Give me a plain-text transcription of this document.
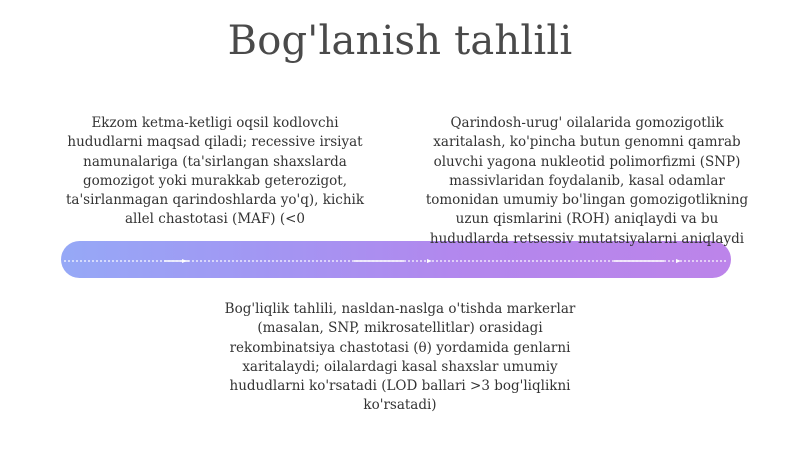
Bog'lanish tahlili
Ekzom ketma-ketligi oqsil kodlovchi hududlarni maqsad qiladi; recessive irsiyat namunalariga (ta'sirlangan shaxslarda gomozigot yoki murakkab geterozigot, ta'sirlanmagan qarindoshlarda yo'q), kichik allel chastotasi (MAF) (<0
Qarindosh-urug' oilalarida gomozigotlik xaritalash, ko'pincha butun genomni qamrab oluvchi yagona nukleotid polimorfizmi (SNP) massivlaridan foydalanib, kasal odamlar tomonidan umumiy bo'lingan gomozigotlikning uzun qismlarini (ROH) aniqlaydi va bu hududlarda retsessiv mutatsiyalarni aniqlaydi
Bog'liqlik tahlili, nasldan-naslga o'tishda markerlar (masalan, SNP, mikrosatellitlar) orasidagi rekombinatsiya chastotasi (θ) yordamida genlarni xaritalaydi; oilalardagi kasal shaxslar umumiy hududlarni ko'rsatadi (LOD ballari >3 bog'liqlikni ko'rsatadi)
